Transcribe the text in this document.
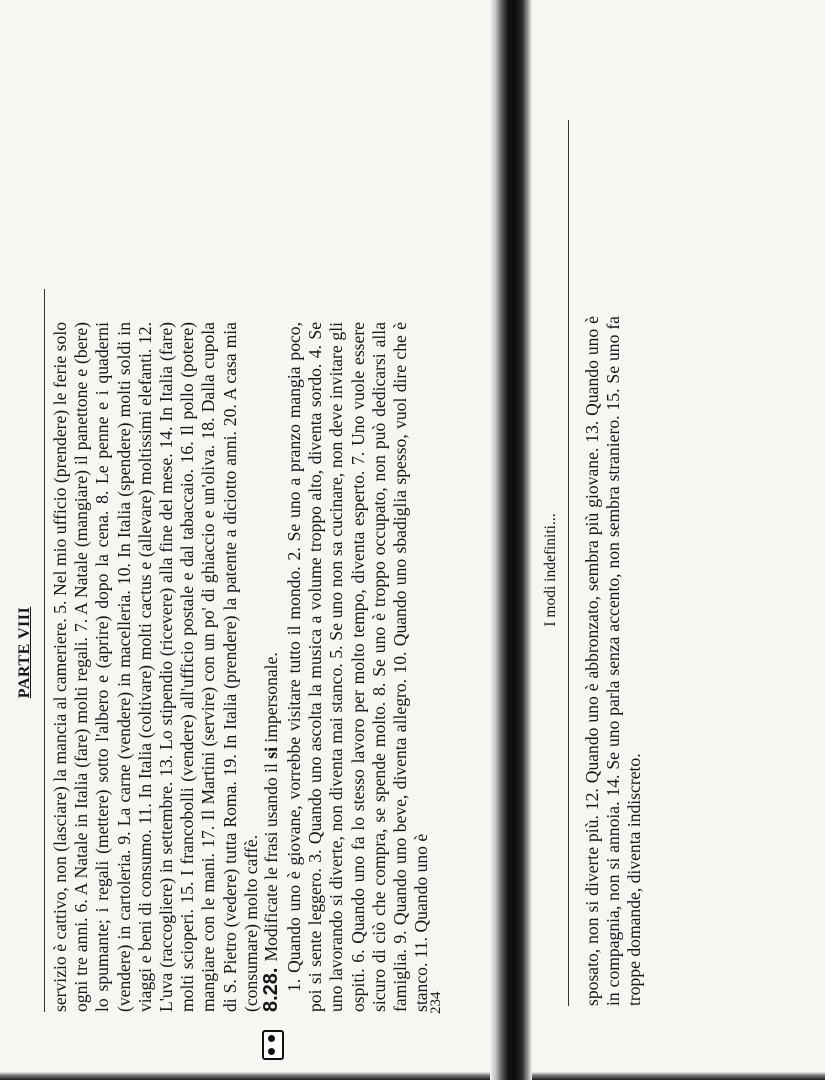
PARTE VIII servizio è cattivo, non (lasciare) la mancia al cameriere. 5. Nel mio ufficio (prendere) le ferie solo ogni tre anni. 6. A Natale in Italia (fare) molti regali. 7. A Natale (mangiare) il panettone e (bere) lo spumante; i regali (mettere) sotto l'albero e (aprire) dopo la cena. 8. Le penne e i quaderni (vendere) in cartoleria. 9. La carne (vendere) in macelleria. 10. In Italia (spendere) molti soldi in viaggi e beni di consumo. 11. In Italia (coltivare) molti cactus e (allevare) moltissimi elefanti. 12. L'uva (raccogliere) in settembre. 13. Lo stipendio (ricevere) alla fine del mese. 14. In Italia (fare) molti scioperi. 15. I francobolli (vendere) all'ufficio postale e dal tabaccaio. 16. Il pollo (potere) mangiare con le mani. 17. Il Martini (servire) con un po' di ghiaccio e un'oliva. 18. Dalla cupola di S. Pietro (vedere) tutta Roma. 19. In Italia (prendere) la patente a diciotto anni. 20. A casa mia (consumare) molto caffè. 8.28.
Modificate le frasi usando il si impersonale. 1. Quando uno è giovane, vorrebbe visitare tutto il mondo. 2. Se uno a pranzo mangia poco, poi si sente leggero. 3. Quando uno ascolta la musica a volume troppo alto, diventa sordo. 4. Se uno lavorando si diverte, non diventa mai stanco. 5. Se uno non sa cucinare, non deve invitare gli ospiti. 6. Quando uno fa lo stesso lavoro per molto tempo, diventa esperto. 7. Uno vuole essere sicuro di ciò che compra, se spende molto. 8. Se uno è troppo occupato, non può dedicarsi alla famiglia. 9. Quando uno beve, diventa allegro. 10. Quando uno sbadiglia spesso, vuol dire che è stanco. 11. Quando uno è

234
I modi indefiniti... sposato, non si diverte più. 12. Quando uno è abbronzato, sembra più giovane. 13. Quando uno è in compagnia, non si annoia. 14. Se uno parla senza accento, non sembra straniero. 15. Se uno fa troppe domande, diventa indiscreto.
